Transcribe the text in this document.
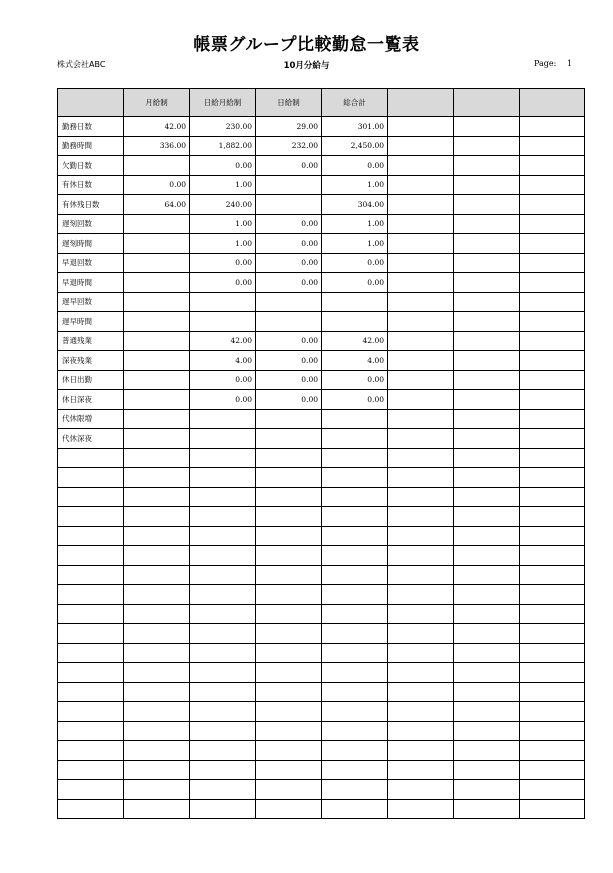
帳票グループ比較勤怠一覧表
株式会社ABC	10月分給与	Page: 1
	月給制	日給月給制	日給制	総合計			
勤務日数	42.00	230.00	29.00	301.00			
勤務時間	336.00	1,882.00	232.00	2,450.00			
欠勤日数		0.00	0.00	0.00			
有休日数	0.00	1.00		1.00			
有休残日数	64.00	240.00		304.00			
遅刻回数		1.00	0.00	1.00			
遅刻時間		1.00	0.00	1.00			
早退回数		0.00	0.00	0.00			
早退時間		0.00	0.00	0.00			
遅早回数							
遅早時間							
普通残業		42.00	0.00	42.00			
深夜残業		4.00	0.00	4.00			
休日出勤		0.00	0.00	0.00			
休日深夜		0.00	0.00	0.00			
代休限増							
代休深夜							
